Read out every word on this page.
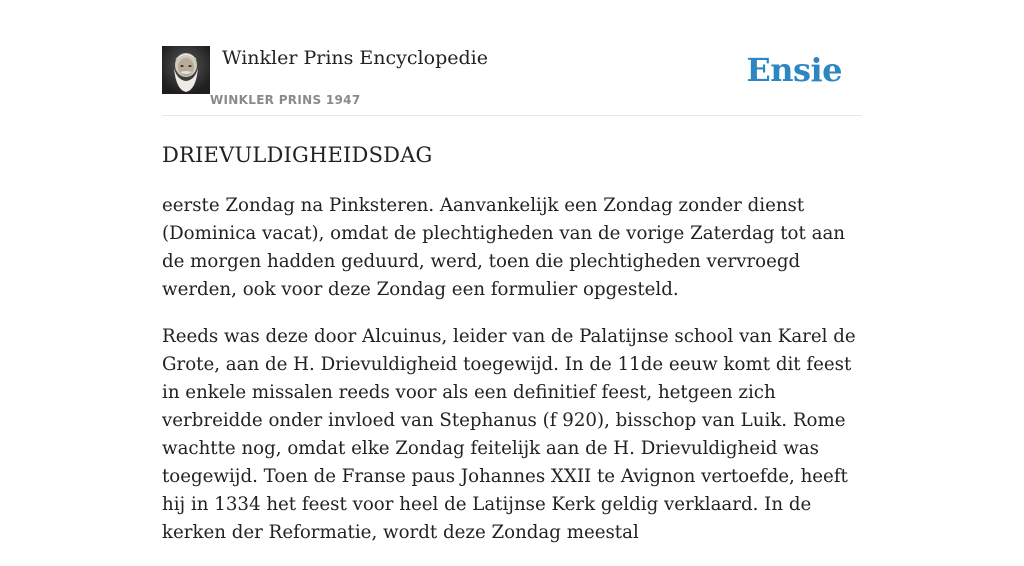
Winkler Prins Encyclopedie
WINKLER PRINS 1947
Ensie
DRIEVULDIGHEIDSDAG

eerste Zondag na Pinksteren. Aanvankelijk een Zondag zonder dienst (Dominica vacat), omdat de plechtigheden van de vorige Zaterdag tot aan de morgen hadden geduurd, werd, toen die plechtigheden vervroegd werden, ook voor deze Zondag een formulier opgesteld.

Reeds was deze door Alcuinus, leider van de Palatijnse school van Karel de Grote, aan de H. Drievuldigheid toegewijd. In de 11de eeuw komt dit feest in enkele missalen reeds voor als een definitief feest, hetgeen zich verbreidde onder invloed van Stephanus (f 920), bisschop van Luik. Rome wachtte nog, omdat elke Zondag feitelijk aan de H. Drievuldigheid was toegewijd. Toen de Franse paus Johannes XXII te Avignon vertoefde, heeft hij in 1334 het feest voor heel de Latijnse Kerk geldig verklaard. In de kerken der Reformatie, wordt deze Zondag meestal
